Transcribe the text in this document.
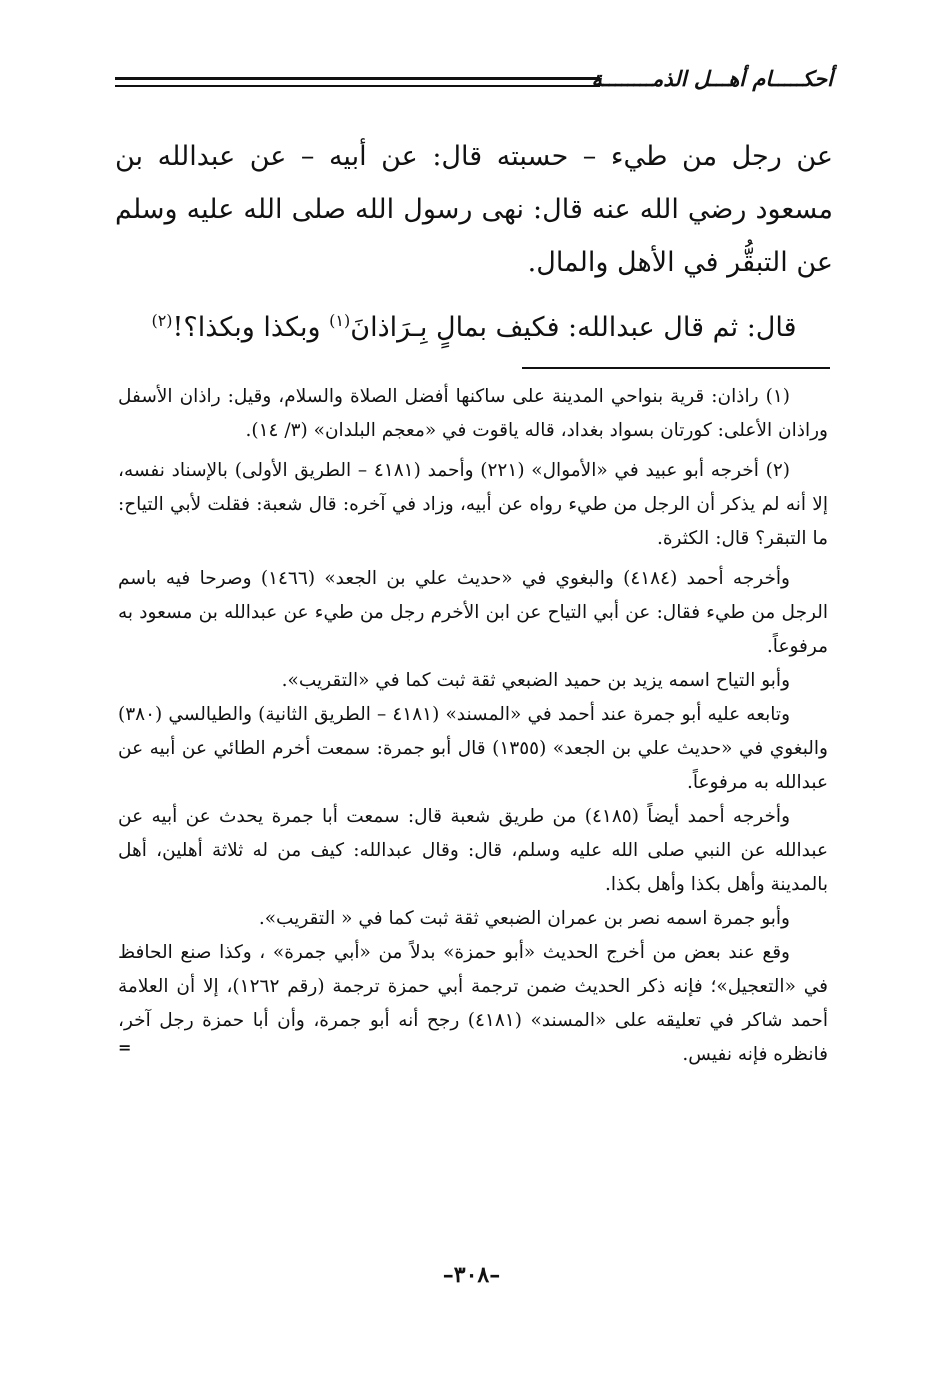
أحكـــــام أهـــل الذمــــــــة

عن رجل من طيء – حسبته قال: عن أبيه – عن عبدالله بن مسعود رضي الله عنه قال: نهى رسول الله صلى الله عليه وسلم عن التبقُّر في الأهل والمال.

قال: ثم قال عبدالله: فكيف بمالٍ بِـرَاذانَ$^{(١)}$ وبكذا وبكذا؟!$^{(٢)}$

(١) راذان: قرية بنواحي المدينة على ساكنها أفضل الصلاة والسلام، وقيل: راذان الأسفل وراذان الأعلى: كورتان بسواد بغداد، قاله ياقوت في «معجم البلدان» (٣/ ١٤).

(٢) أخرجه أبو عبيد في «الأموال» (٢٢١) وأحمد (٤١٨١ – الطريق الأولى) بالإسناد نفسه، إلا أنه لم يذكر أن الرجل من طيء رواه عن أبيه، وزاد في آخره: قال شعبة: فقلت لأبي التياح: ما التبقر؟ قال: الكثرة.

وأخرجه أحمد (٤١٨٤) والبغوي في «حديث علي بن الجعد» (١٤٦٦) وصرحا فيه باسم الرجل من طيء فقال: عن أبي التياح عن ابن الأخرم رجل من طيء عن عبدالله بن مسعود به مرفوعاً.

وأبو التياح اسمه يزيد بن حميد الضبعي ثقة ثبت كما في «التقريب».

وتابعه عليه أبو جمرة عند أحمد في «المسند» (٤١٨١ – الطريق الثانية) والطيالسي (٣٨٠) والبغوي في «حديث علي بن الجعد» (١٣٥٥) قال أبو جمرة: سمعت أخرم الطائي عن أبيه عن عبدالله به مرفوعاً.

وأخرجه أحمد أيضاً (٤١٨٥) من طريق شعبة قال: سمعت أبا جمرة يحدث عن أبيه عن عبدالله عن النبي صلى الله عليه وسلم، قال: وقال عبدالله: كيف من له ثلاثة أهلين، أهل بالمدينة وأهل بكذا وأهل بكذا.

وأبو جمرة اسمه نصر بن عمران الضبعي ثقة ثبت كما في « التقريب».

وقع عند بعض من أخرج الحديث «أبو حمزة» بدلاً من «أبي جمرة» ، وكذا صنع الحافظ في «التعجيل»؛ فإنه ذكر الحديث ضمن ترجمة أبي حمزة ترجمة (رقم ١٢٦٢)، إلا أن العلامة أحمد شاكر في تعليقه على «المسند» (٤١٨١) رجح أنه أبو جمرة، وأن أبا حمزة رجل آخر، فانظره فإنه نفيس.

=
–٣٠٨–
